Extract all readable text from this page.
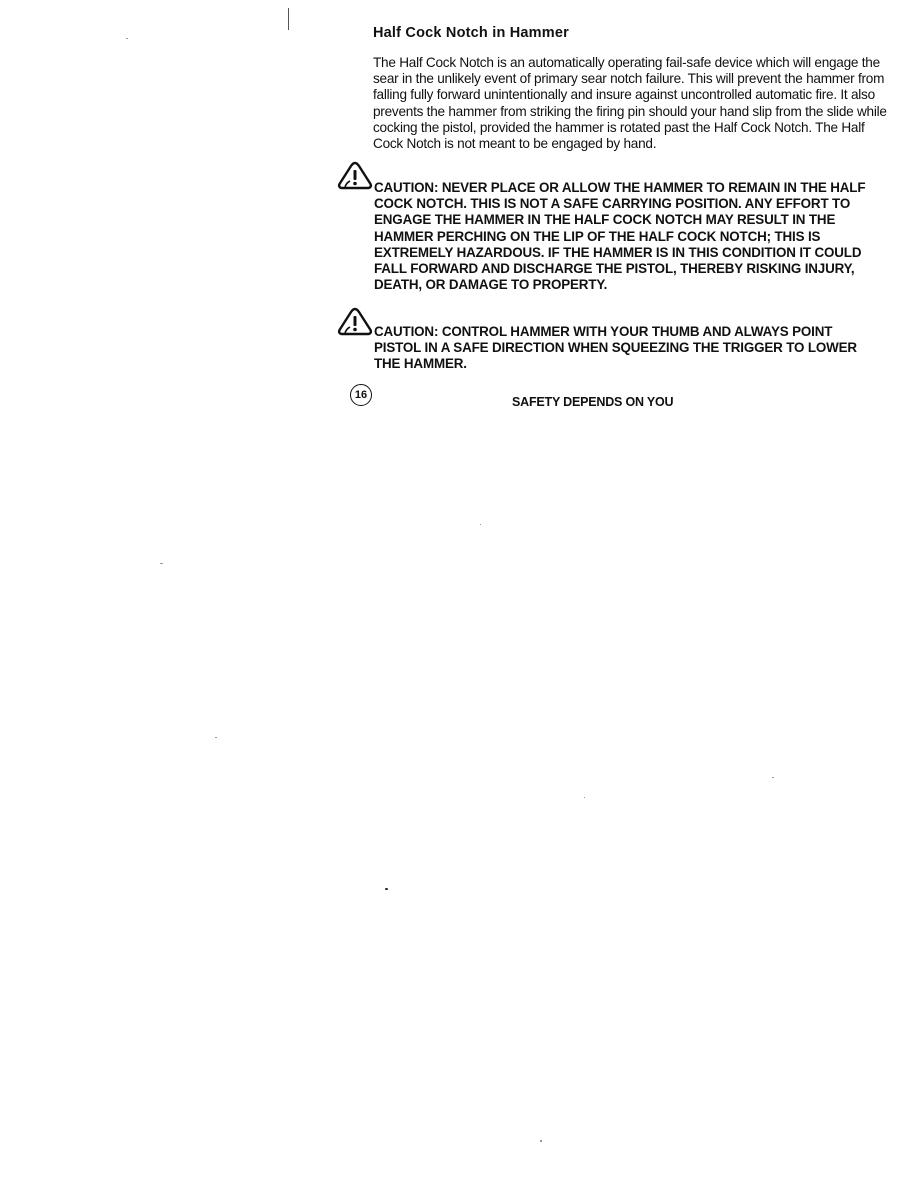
Half Cock Notch in Hammer

The Half Cock Notch is an automatically operating fail-safe device which will engage the sear in the unlikely event of primary sear notch failure. This will prevent the hammer from falling fully forward unintentionally and insure against uncontrolled automatic fire. It also prevents the hammer from striking the firing pin should your hand slip from the slide while cocking the pistol, provided the hammer is rotated past the Half Cock Notch. The Half Cock Notch is not meant to be engaged by hand.

CAUTION: NEVER PLACE OR ALLOW THE HAMMER TO REMAIN IN THE HALF COCK NOTCH. THIS IS NOT A SAFE CARRYING POSITION. ANY EFFORT TO ENGAGE THE HAMMER IN THE HALF COCK NOTCH MAY RESULT IN THE HAMMER PERCHING ON THE LIP OF THE HALF COCK NOTCH; THIS IS EXTREMELY HAZARDOUS. IF THE HAMMER IS IN THIS CONDITION IT COULD FALL FORWARD AND DISCHARGE THE PISTOL, THEREBY RISKING INJURY, DEATH, OR DAMAGE TO PROPERTY.

CAUTION: CONTROL HAMMER WITH YOUR THUMB AND ALWAYS POINT PISTOL IN A SAFE DIRECTION WHEN SQUEEZING THE TRIGGER TO LOWER THE HAMMER.

16	SAFETY DEPENDS ON YOU
